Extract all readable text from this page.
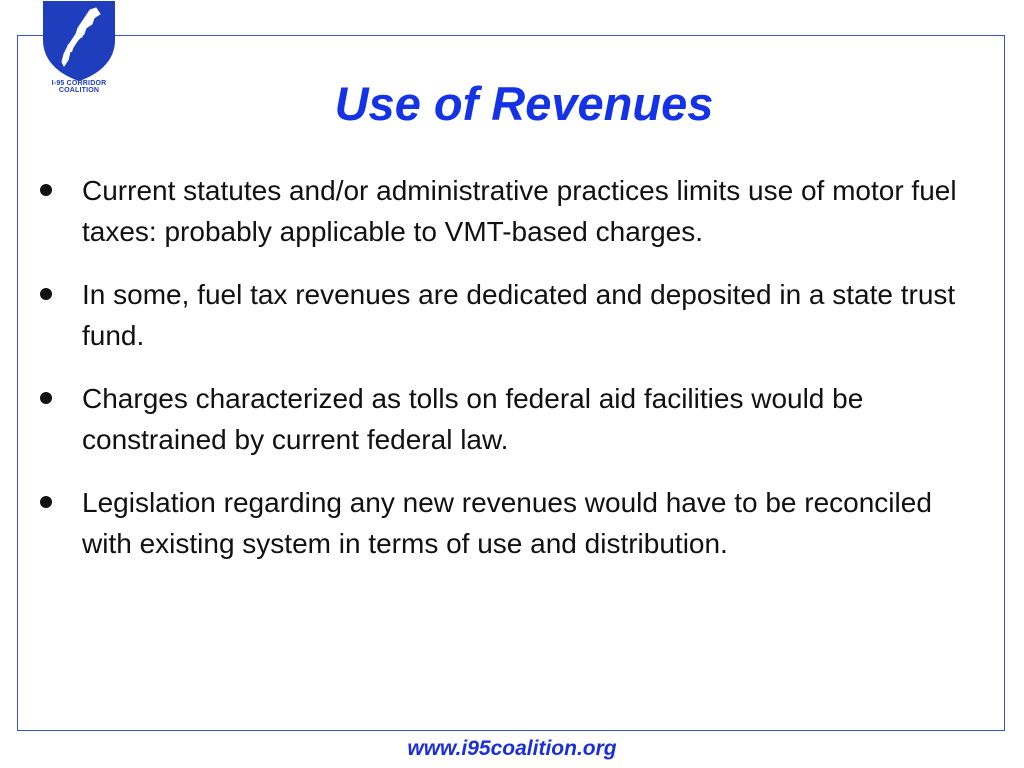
I-95 CORRIDOR
COALITION	Use of Revenues
Current statutes and/or administrative practices limits use of motor fuel taxes: probably applicable to VMT-based charges.
In some, fuel tax revenues are dedicated and deposited in a state trust fund.
Charges characterized as tolls on federal aid facilities would be constrained by current federal law.
Legislation regarding any new revenues would have to be reconciled with existing system in terms of use and distribution.
www.i95coalition.org
